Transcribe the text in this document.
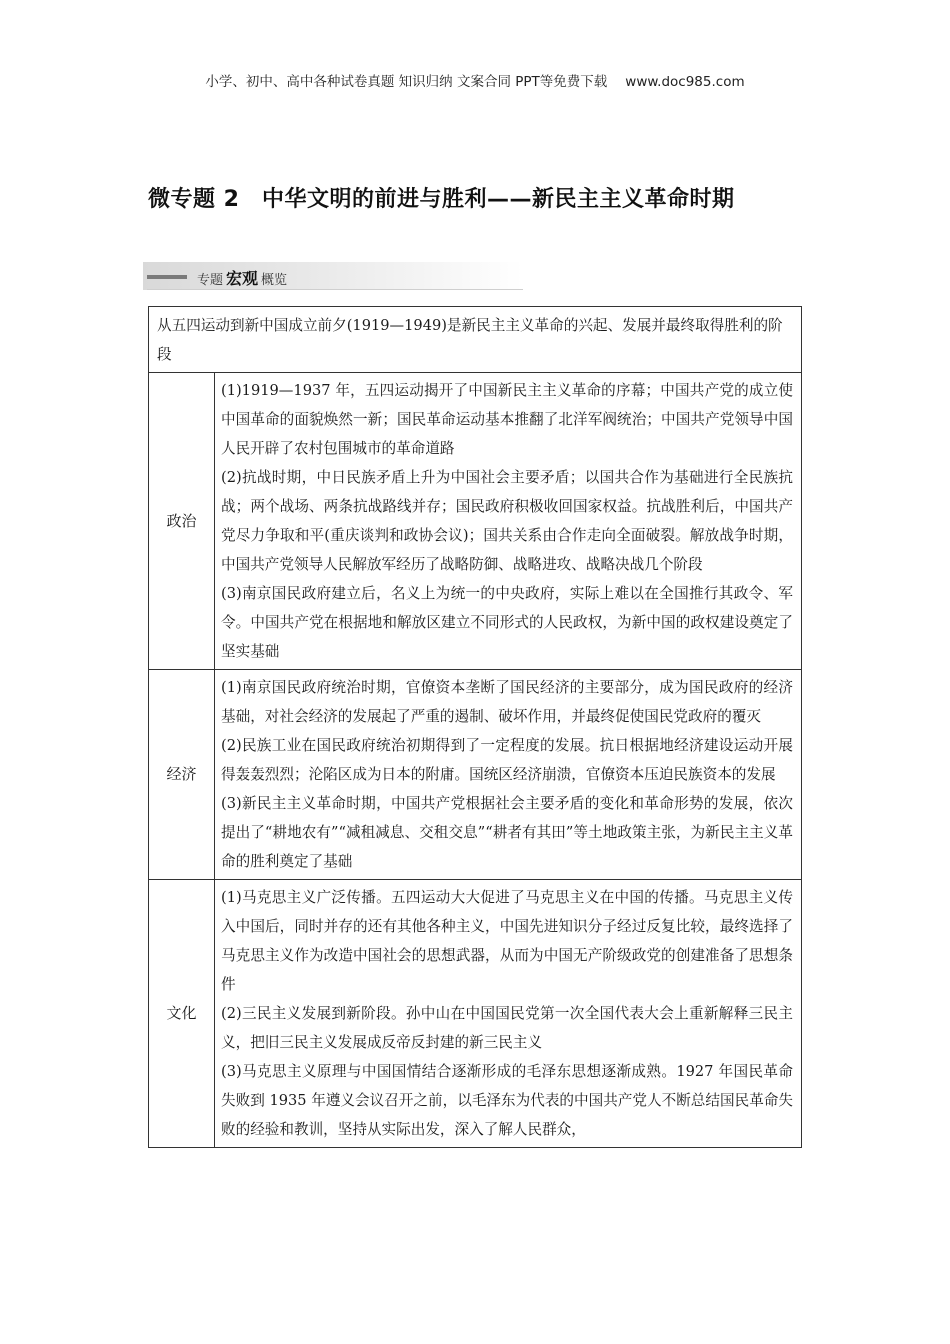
小学、初中、高中各种试卷真题 知识归纳 文案合同 PPT等免费下载 www.doc985.com
微专题 2　中华文明的前进与胜利——新民主主义革命时期
专题 宏观 概览
从五四运动到新中国成立前夕(1919—1949)是新民主主义革命的兴起、发展并最终取得胜利的阶段	
政治	(1)1919—1937 年，五四运动揭开了中国新民主主义革命的序幕；中国共产党的成立使中国革命的面貌焕然一新；国民革命运动基本推翻了北洋军阀统治；中国共产党领导中国人民开辟了农村包围城市的革命道路

(2)抗战时期，中日民族矛盾上升为中国社会主要矛盾；以国共合作为基础进行全民族抗战；两个战场、两条抗战路线并存；国民政府积极收回国家权益。抗战胜利后，中国共产党尽力争取和平(重庆谈判和政协会议)；国共关系由合作走向全面破裂。解放战争时期，中国共产党领导人民解放军经历了战略防御、战略进攻、战略决战几个阶段

(3)南京国民政府建立后，名义上为统一的中央政府，实际上难以在全国推行其政令、军令。中国共产党在根据地和解放区建立不同形式的人民政权，为新中国的政权建设奠定了坚实基础

经济	(1)南京国民政府统治时期，官僚资本垄断了国民经济的主要部分，成为国民政府的经济基础，对社会经济的发展起了严重的遏制、破坏作用，并最终促使国民党政府的覆灭

(2)民族工业在国民政府统治初期得到了一定程度的发展。抗日根据地经济建设运动开展得轰轰烈烈；沦陷区成为日本的附庸。国统区经济崩溃，官僚资本压迫民族资本的发展

(3)新民主主义革命时期，中国共产党根据社会主要矛盾的变化和革命形势的发展，依次提出了“耕地农有”“减租减息、交租交息”“耕者有其田”等土地政策主张，为新民主主义革命的胜利奠定了基础

文化	(1)马克思主义广泛传播。五四运动大大促进了马克思主义在中国的传播。马克思主义传入中国后，同时并存的还有其他各种主义，中国先进知识分子经过反复比较，最终选择了马克思主义作为改造中国社会的思想武器，从而为中国无产阶级政党的创建准备了思想条件

(2)三民主义发展到新阶段。孙中山在中国国民党第一次全国代表大会上重新解释三民主义，把旧三民主义发展成反帝反封建的新三民主义

(3)马克思主义原理与中国国情结合逐渐形成的毛泽东思想逐渐成熟。1927 年国民革命失败到 1935 年遵义会议召开之前，以毛泽东为代表的中国共产党人不断总结国民革命失败的经验和教训，坚持从实际出发，深入了解人民群众，
